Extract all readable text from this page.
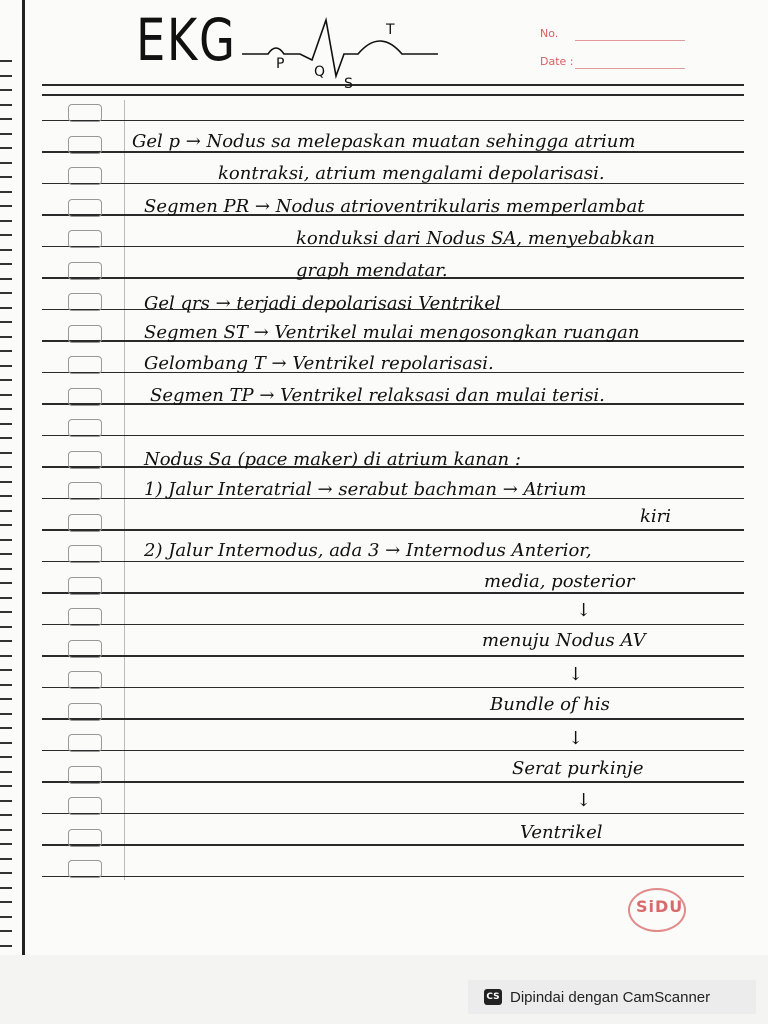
EKG	P Q
S
T	No.
Date :
Gel p → Nodus sa melepaskan muatan sehingga atrium
kontraksi, atrium mengalami depolarisasi.
Segmen PR → Nodus atrioventrikularis memperlambat
konduksi dari Nodus SA, menyebabkan
graph mendatar.
Gel qrs → terjadi depolarisasi Ventrikel
Segmen ST → Ventrikel mulai mengosongkan ruangan
Gelombang T → Ventrikel repolarisasi.
Segmen TP → Ventrikel relaksasi dan mulai terisi.
Nodus Sa (pace maker) di atrium kanan :
1) Jalur Interatrial → serabut bachman → Atrium
kiri
2) Jalur Internodus, ada 3 → Internodus Anterior,
media, posterior
↓
menuju Nodus AV
↓
Bundle of his
↓
Serat purkinje
↓
Ventrikel
SiDU
CS Dipindai dengan CamScanner
